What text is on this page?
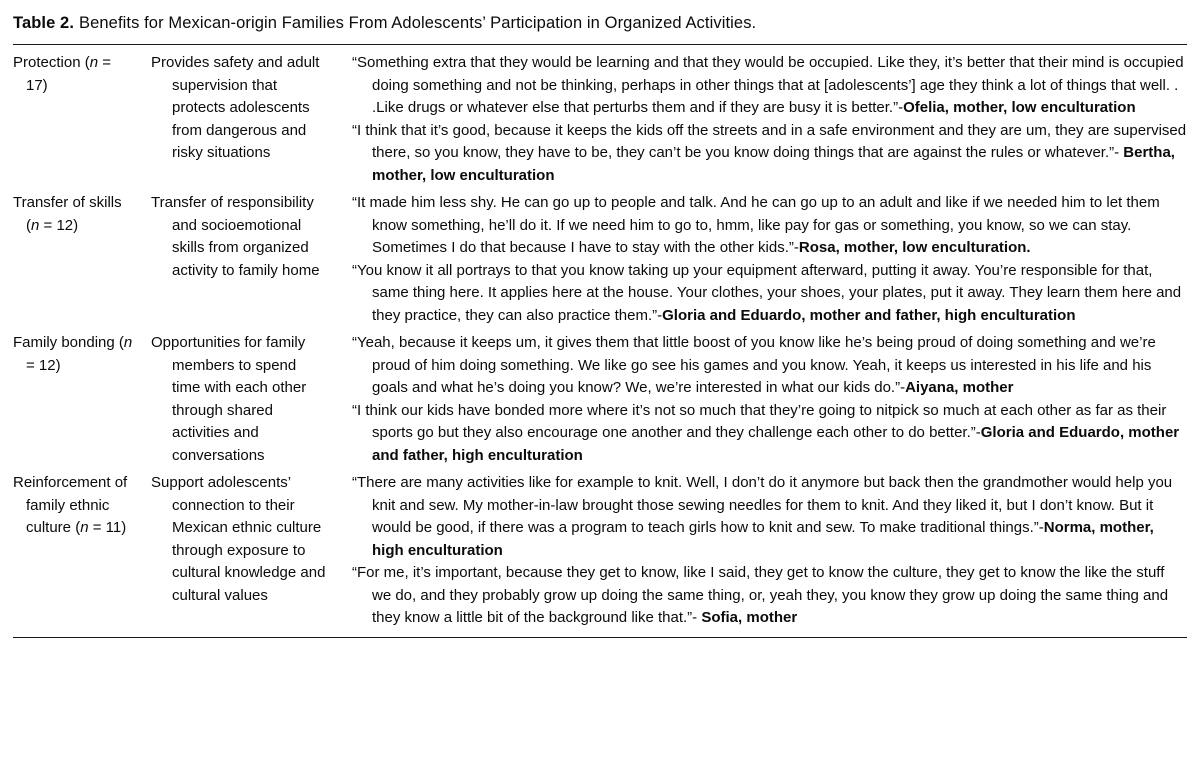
Table 2. Benefits for Mexican-origin Families From Adolescents’ Participation in Organized Activities.
Protection (n = 17)
Provides safety and adult supervision that protects adolescents from dangerous and risky situations
“Something extra that they would be learning and that they would be occupied. Like they, it’s better that their mind is occupied doing something and not be thinking, perhaps in other things that at [adolescents’] age they think a lot of things that well. . .Like drugs or whatever else that perturbs them and if they are busy it is better.”-Ofelia, mother, low enculturation
“I think that it’s good, because it keeps the kids off the streets and in a safe environment and they are um, they are supervised there, so you know, they have to be, they can’t be you know doing things that are against the rules or whatever.”- Bertha, mother, low enculturation
Transfer of skills (n = 12)
Transfer of responsibility and socioemotional skills from organized activity to family home
“It made him less shy. He can go up to people and talk. And he can go up to an adult and like if we needed him to let them know something, he’ll do it. If we need him to go to, hmm, like pay for gas or something, you know, so we can stay. Sometimes I do that because I have to stay with the other kids.”-Rosa, mother, low enculturation.
“You know it all portrays to that you know taking up your equipment afterward, putting it away. You’re responsible for that, same thing here. It applies here at the house. Your clothes, your shoes, your plates, put it away. They learn them here and they practice, they can also practice them.”-Gloria and Eduardo, mother and father, high enculturation
Family bonding (n = 12)
Opportunities for family members to spend time with each other through shared activities and conversations
“Yeah, because it keeps um, it gives them that little boost of you know like he’s being proud of doing something and we’re proud of him doing something. We like go see his games and you know. Yeah, it keeps us interested in his life and his goals and what he’s doing you know? We, we’re interested in what our kids do.”-Aiyana, mother
“I think our kids have bonded more where it’s not so much that they’re going to nitpick so much at each other as far as their sports go but they also encourage one another and they challenge each other to do better.”-Gloria and Eduardo, mother and father, high enculturation
Reinforcement of family ethnic culture (n = 11)
Support adolescents’ connection to their Mexican ethnic culture through exposure to cultural knowledge and cultural values
“There are many activities like for example to knit. Well, I don’t do it anymore but back then the grandmother would help you knit and sew. My mother-in-law brought those sewing needles for them to knit. And they liked it, but I don’t know. But it would be good, if there was a program to teach girls how to knit and sew. To make traditional things.”-Norma, mother, high enculturation
“For me, it’s important, because they get to know, like I said, they get to know the culture, they get to know the like the stuff we do, and they probably grow up doing the same thing, or, yeah they, you know they grow up doing the same thing and they know a little bit of the background like that.”- Sofia, mother
